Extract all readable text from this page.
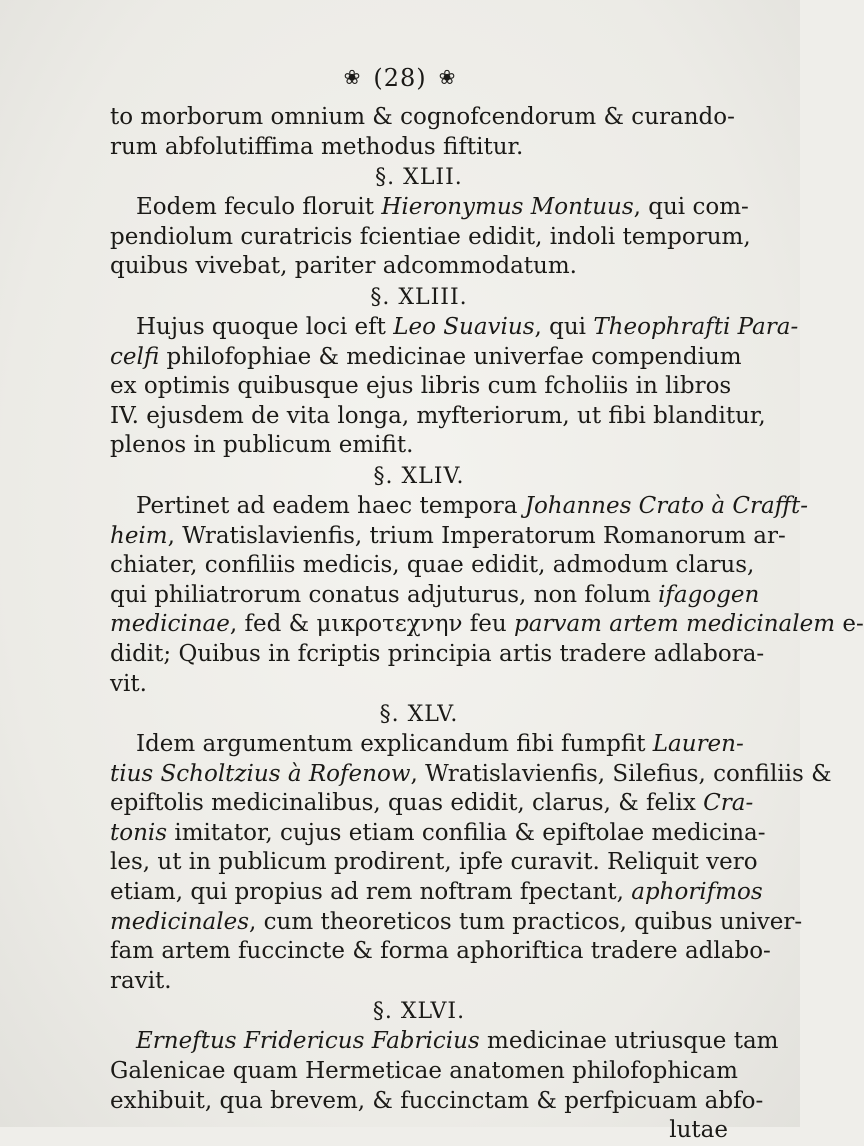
❀ (28) ❀
to morborum omnium & cognofcendorum & curando-
rum abfolutiffima methodus fiftitur.
§. XLII.
Eodem feculo floruit Hieronymus Montuus, qui com-
pendiolum curatricis fcientiae edidit, indoli temporum,
quibus vivebat, pariter adcommodatum.
§. XLIII.
Hujus quoque loci eft Leo Suavius, qui Theophrafti Para-
celfi philofophiae & medicinae univerfae compendium
ex optimis quibusque ejus libris cum fcholiis in libros
IV. ejusdem de vita longa, myfteriorum, ut fibi blanditur,
plenos in publicum emifit.
§. XLIV.
Pertinet ad eadem haec tempora Johannes Crato à Crafft-
heim, Wratislavienfis, trium Imperatorum Romanorum ar-
chiater, confiliis medicis, quae edidit, admodum clarus,
qui philiatrorum conatus adjuturus, non folum ifagogen
medicinae, fed & μικροτεχνην feu parvam artem medicinalem e-
didit; Quibus in fcriptis principia artis tradere adlabora-
vit.
§. XLV.
Idem argumentum explicandum fibi fumpfit Lauren-
tius Scholtzius à Rofenow, Wratislavienfis, Silefius, confiliis &
epiftolis medicinalibus, quas edidit, clarus, & felix Cra-
tonis imitator, cujus etiam confilia & epiftolae medicina-
les, ut in publicum prodirent, ipfe curavit. Reliquit vero
etiam, qui propius ad rem noftram fpectant, aphorifmos
medicinales, cum theoreticos tum practicos, quibus univer-
fam artem fuccincte & forma aphoriftica tradere adlabo-
ravit.
§. XLVI.
Erneftus Fridericus Fabricius medicinae utriusque tam
Galenicae quam Hermeticae anatomen philofophicam
exhibuit, qua brevem, & fuccinctam & perfpicuam abfo-
lutae
